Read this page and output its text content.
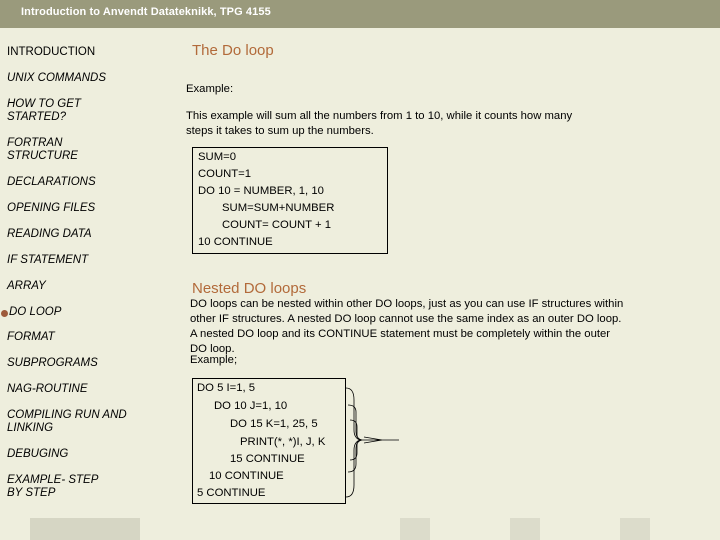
Introduction to Anvendt Datateknikk, TPG 4155
INTRODUCTION
UNIX COMMANDS
HOW TO GET STARTED?
FORTRAN STRUCTURE
DECLARATIONS
OPENING FILES
READING DATA
IF STATEMENT
ARRAY
DO LOOP
FORMAT
SUBPROGRAMS
NAG-ROUTINE
COMPILING RUN AND LINKING
DEBUGING
EXAMPLE- STEP BY STEP
The Do loop
Example:
This example will sum all the numbers from 1 to 10, while it counts how many steps it takes to sum up the numbers.
SUM=0
COUNT=1
DO 10 = NUMBER, 1, 10
SUM=SUM+NUMBER
COUNT= COUNT + 1
10 CONTINUE
Nested DO loops
DO loops can be nested within other DO loops, just as you can use IF structures within other IF structures. A nested DO loop cannot use the same index as an outer DO loop. A nested DO loop and its CONTINUE statement must be completely within the outer DO loop.
Example;
DO 5 I=1, 5
DO 10 J=1, 10
DO 15 K=1, 25, 5
PRINT(*, *)I, J, K
15 CONTINUE
10 CONTINUE
5 CONTINUE
